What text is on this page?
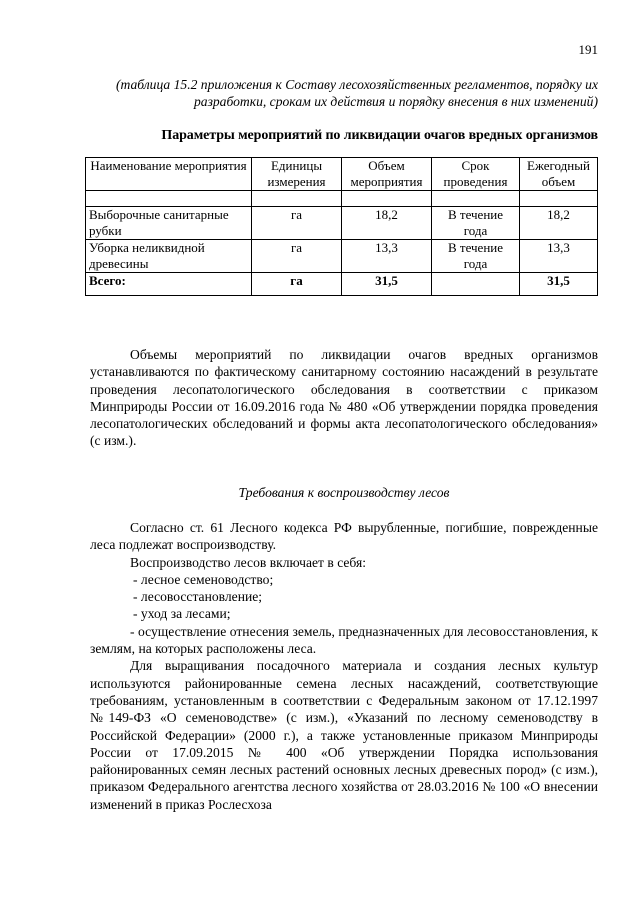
191
(таблица 15.2 приложения к Составу лесохозяйственных регламентов, порядку их разработки, срокам их действия и порядку внесения в них изменений)
Параметры мероприятий по ликвидации очагов вредных организмов
Наименование мероприятия	Единицы измерения	Объем мероприятия	Срок проведения	Ежегодный объем

Выборочные санитарные рубки	га	18,2	В течение года	18,2
Уборка неликвидной древесины	га	13,3	В течение года	13,3
Всего:	га	31,5		31,5

Объемы мероприятий по ликвидации очагов вредных организмов устанавливаются по фактическому санитарному состоянию насаждений в результате проведения лесопатологического обследования в соответствии с приказом Минприроды России от 16.09.2016 года № 480 «Об утверждении порядка проведения лесопатологических обследований и формы акта лесопатологического обследования» (с изм.).

Требования к воспроизводству лесов

Согласно ст. 61 Лесного кодекса РФ вырубленные, погибшие, поврежденные леса подлежат воспроизводству.

Воспроизводство лесов включает в себя:

- лесное семеноводство;

- лесовосстановление;

- уход за лесами;

- осуществление отнесения земель, предназначенных для лесовосстановления, к землям, на которых расположены леса.

Для выращивания посадочного материала и создания лесных культур используются районированные семена лесных насаждений, соответствующие требованиям, установленным в соответствии с Федеральным законом от 17.12.1997 №149-ФЗ «О семеноводстве» (с изм.), «Указаний по лесному семеноводству в Российской Федерации» (2000 г.), а также установленные приказом Минприроды России от 17.09.2015 № 400 «Об утверждении Порядка использования районированных семян лесных растений основных лесных древесных пород» (с изм.), приказом Федерального агентства лесного хозяйства от 28.03.2016 № 100 «О внесении изменений в приказ Рослесхоза
